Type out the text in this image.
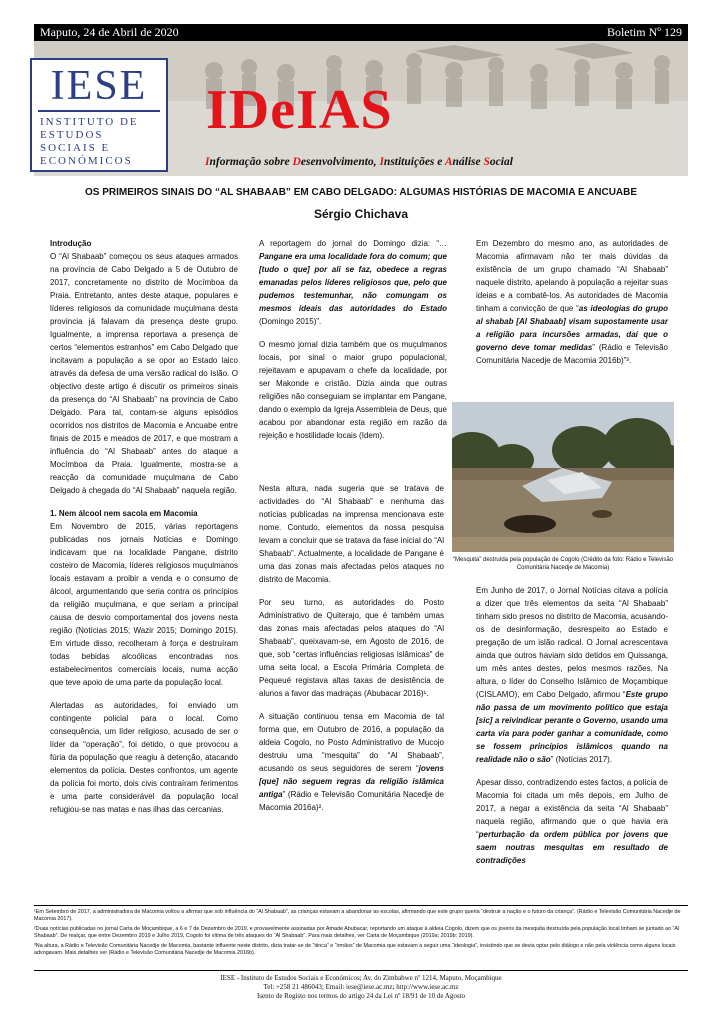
Maputo, 24 de Abril de 2020	Boletim Nº 129
IESE
INSTITUTO DE
ESTUDOS
SOCIAIS E
ECONÓMICOS
IDeIAS
Informação sobre Desenvolvimento, Instituições e Análise Social
OS PRIMEIROS SINAIS DO “AL SHABAAB” EM CABO DELGADO: ALGUMAS HISTÓRIAS DE MACOMIA E ANCUABE
Sérgio Chichava

Introdução

O “Al Shabaab” começou os seus ataques armados na província de Cabo Delgado a 5 de Outubro de 2017, concretamente no distrito de Mocímboa da Praia. Entretanto, antes deste ataque, populares e líderes religiosos da comunidade muçulmana desta província já falavam da presença deste grupo. Igualmente, a imprensa reportava a presença de certos “elementos estranhos” em Cabo Delgado que incitavam a população a se opor ao Estado laico através da defesa de uma versão radical do Islão. O objectivo deste artigo é discutir os primeiros sinais da presença do “Al Shabaab” na província de Cabo Delgado. Para tal, contam-se alguns episódios ocorridos nos distritos de Macomia e Ancuabe entre finais de 2015 e meados de 2017, e que mostram a influência do “Al Shabaab” antes do ataque a Mocímboa da Praia. Igualmente, mostra-se a reacção da comunidade muçulmana de Cabo Delgado à chegada do “Al Shabaab” naquela região.

1. Nem álcool nem sacola em Macomia

Em Novembro de 2015, várias reportagens publicadas nos jornais Notícias e Domingo indicavam que na localidade Pangane, distrito costeiro de Macomia, líderes religiosos muçulmanos locais estavam a proibir a venda e o consumo de álcool, argumentando que seria contra os princípios da religião muçulmana, e que seriam a principal causa de desvio comportamental dos jovens nesta região (Notícias 2015; Wazir 2015; Domingo 2015). Em virtude disso, recolheram à força e destruíram todas bebidas alcoólicas encontradas nos estabelecimentos comerciais locais, numa acção que teve apoio de uma parte da população local.

Alertadas as autoridades, foi enviado um contingente policial para o local. Como consequência, um líder religioso, acusado de ser o líder da “operação”, foi detido, o que provocou a fúria da população que reagiu à detenção, atacando elementos da polícia. Destes confrontos, um agente da polícia foi morto, dois civis contraíram ferimentos e uma parte considerável da população local refugiou-se nas matas e nas ilhas das cercanias.

A reportagem do jornal do Domingo dizia: “… Pangane era uma localidade fora do comum; que [tudo o que] por ali se faz, obedece a regras emanadas pelos líderes religiosos que, pelo que pudemos testemunhar, não comungam os mesmos ideais das autoridades do Estado (Domingo 2015)”.

O mesmo jornal dizia também que os muçulmanos locais, por sinal o maior grupo populacional, rejeitavam e apupavam o chefe da localidade, por ser Makonde e cristão. Dizia ainda que outras religiões não conseguiam se implantar em Pangane, dando o exemplo da Igreja Assembleia de Deus, que acabou por abandonar esta região em razão da rejeição e hostilidade locais (Idem).

Nesta altura, nada sugeria que se tratava de actividades do “Al Shabaab” e nenhuma das notícias publicadas na imprensa mencionava este nome. Contudo, elementos da nossa pesquisa levam a concluir que se tratava da fase inicial do “Al Shabaab”. Actualmente, a localidade de Pangane é uma das zonas mais afectadas pelos ataques no distrito de Macomia.

Por seu turno, as autoridades do Posto Administrativo de Quiterajo, que é também umas das zonas mais afectadas pelos ataques do “Al Shabaab”, queixavam-se, em Agosto de 2016, de que, sob “certas influências religiosas islâmicas” de uma seita local, a Escola Primária Completa de Pequeué registava altas taxas de desistência de alunos a favor das madraças (Abubacar 2016)¹.

A situação continuou tensa em Macomia de tal forma que, em Outubro de 2016, a população da aldeia Cogolo, no Posto Administrativo de Mucojo destruiu uma “mesquita” do “Al Shabaab”, acusando os seus seguidores de serem “jovens [que] não seguem regras da religião islâmica antiga” (Rádio e Televisão Comunitária Nacedje de Macomia 2016a)².

Em Dezembro do mesmo ano, as autoridades de Macomia afirmavam não ter mais dúvidas da existência de um grupo chamado “Al Shabaab” naquele distrito, apelando à população a rejeitar suas ideias e a combatê-los. As autoridades de Macomia tinham a convicção de que “as ideologias do grupo al shabab [Al Shabaab] visam supostamente usar a religião para incursões armadas, daí que o governo deve tomar medidas” (Rádio e Televisão Comunitária Nacedje de Macomia 2016b)”³.

“Mesquita” destruída pela população de Cogolo (Crédito da foto: Rádio e Televisão Comunitária Nacedje de Macomia)

Em Junho de 2017, o Jornal Notícias citava a polícia a dizer que três elementos da seita “Al Shabaab” tinham sido presos no distrito de Macomia, acusando-os de desinformação, desrespeito ao Estado e pregação de um islão radical. O Jornal acrescentava ainda que outros haviam sido detidos em Quissanga, um mês antes destes, pelos mesmos razões. Na altura, o líder do Conselho Islâmico de Moçambique (CISLAMO), em Cabo Delgado, afirmou “Este grupo não passa de um movimento político que estaja [sic] a reivindicar perante o Governo, usando uma carta via para poder ganhar a comunidade, como se fossem princípios islâmicos quando na realidade não o são” (Notícias 2017).

Apesar disso, contradizendo estes factos, a polícia de Macomia foi citada um mês depois, em Julho de 2017, a negar a existência da seita “Al Shabaab” naquela região, afirmando que o que havia era “perturbação da ordem pública por jovens que saem noutras mesquitas em resultado de contradições

¹Em Setembro de 2017, a administradora de Macomia voltou a afirmar que sob influência do “Al Shabaab”, as crianças estavam a abandonar as escolas, afirmando que este grupo queria “destruir a nação e o futuro da criança”. (Rádio e Televisão Comunitária Nacedje de Macomia 2017).

²Duas notícias publicadas no jornal Carta de Moçambique, a 6 e 7 de Dezembro de 2019, e provavelmente assinadas por Amade Abubacar, reportando um ataque à aldeia Cogolo, dizem que os jovens da mesquita destruída pela população local tinham se juntado ao “Al Shabaab”. De realçar, que entre Dezembro 2019 e Julho 2019, Cogolo foi vítima de três ataques do “Al Shabaab”. Para mais detalhes, ver Carta de Moçambique (2019a; 2019b; 2019).

³Na altura, a Rádio e Televisão Comunitária Nacedje de Macomia, bastante influente neste distrito, dizia tratar-se de “tiinca” e “irmãos” de Macomia que estavam a seguir uma “ideologia”, insistindo que se devia optar pelo diálogo e não pela violência como alguns locais advogavam. Mais detalhes ver (Rádio e Televisão Comunitária Nacedje de Macomia 2016b).

IESE - Instituto de Estudos Sociais e Económicos; Av. do Zimbabwe nº 1214, Maputo, Moçambique
Tel: +258 21 486043; Email: iese@iese.ac.mz; http://www.iese.ac.mz
Isento de Registo nos termos do artigo 24 da Lei nº 18/91 de 10 de Agosto
